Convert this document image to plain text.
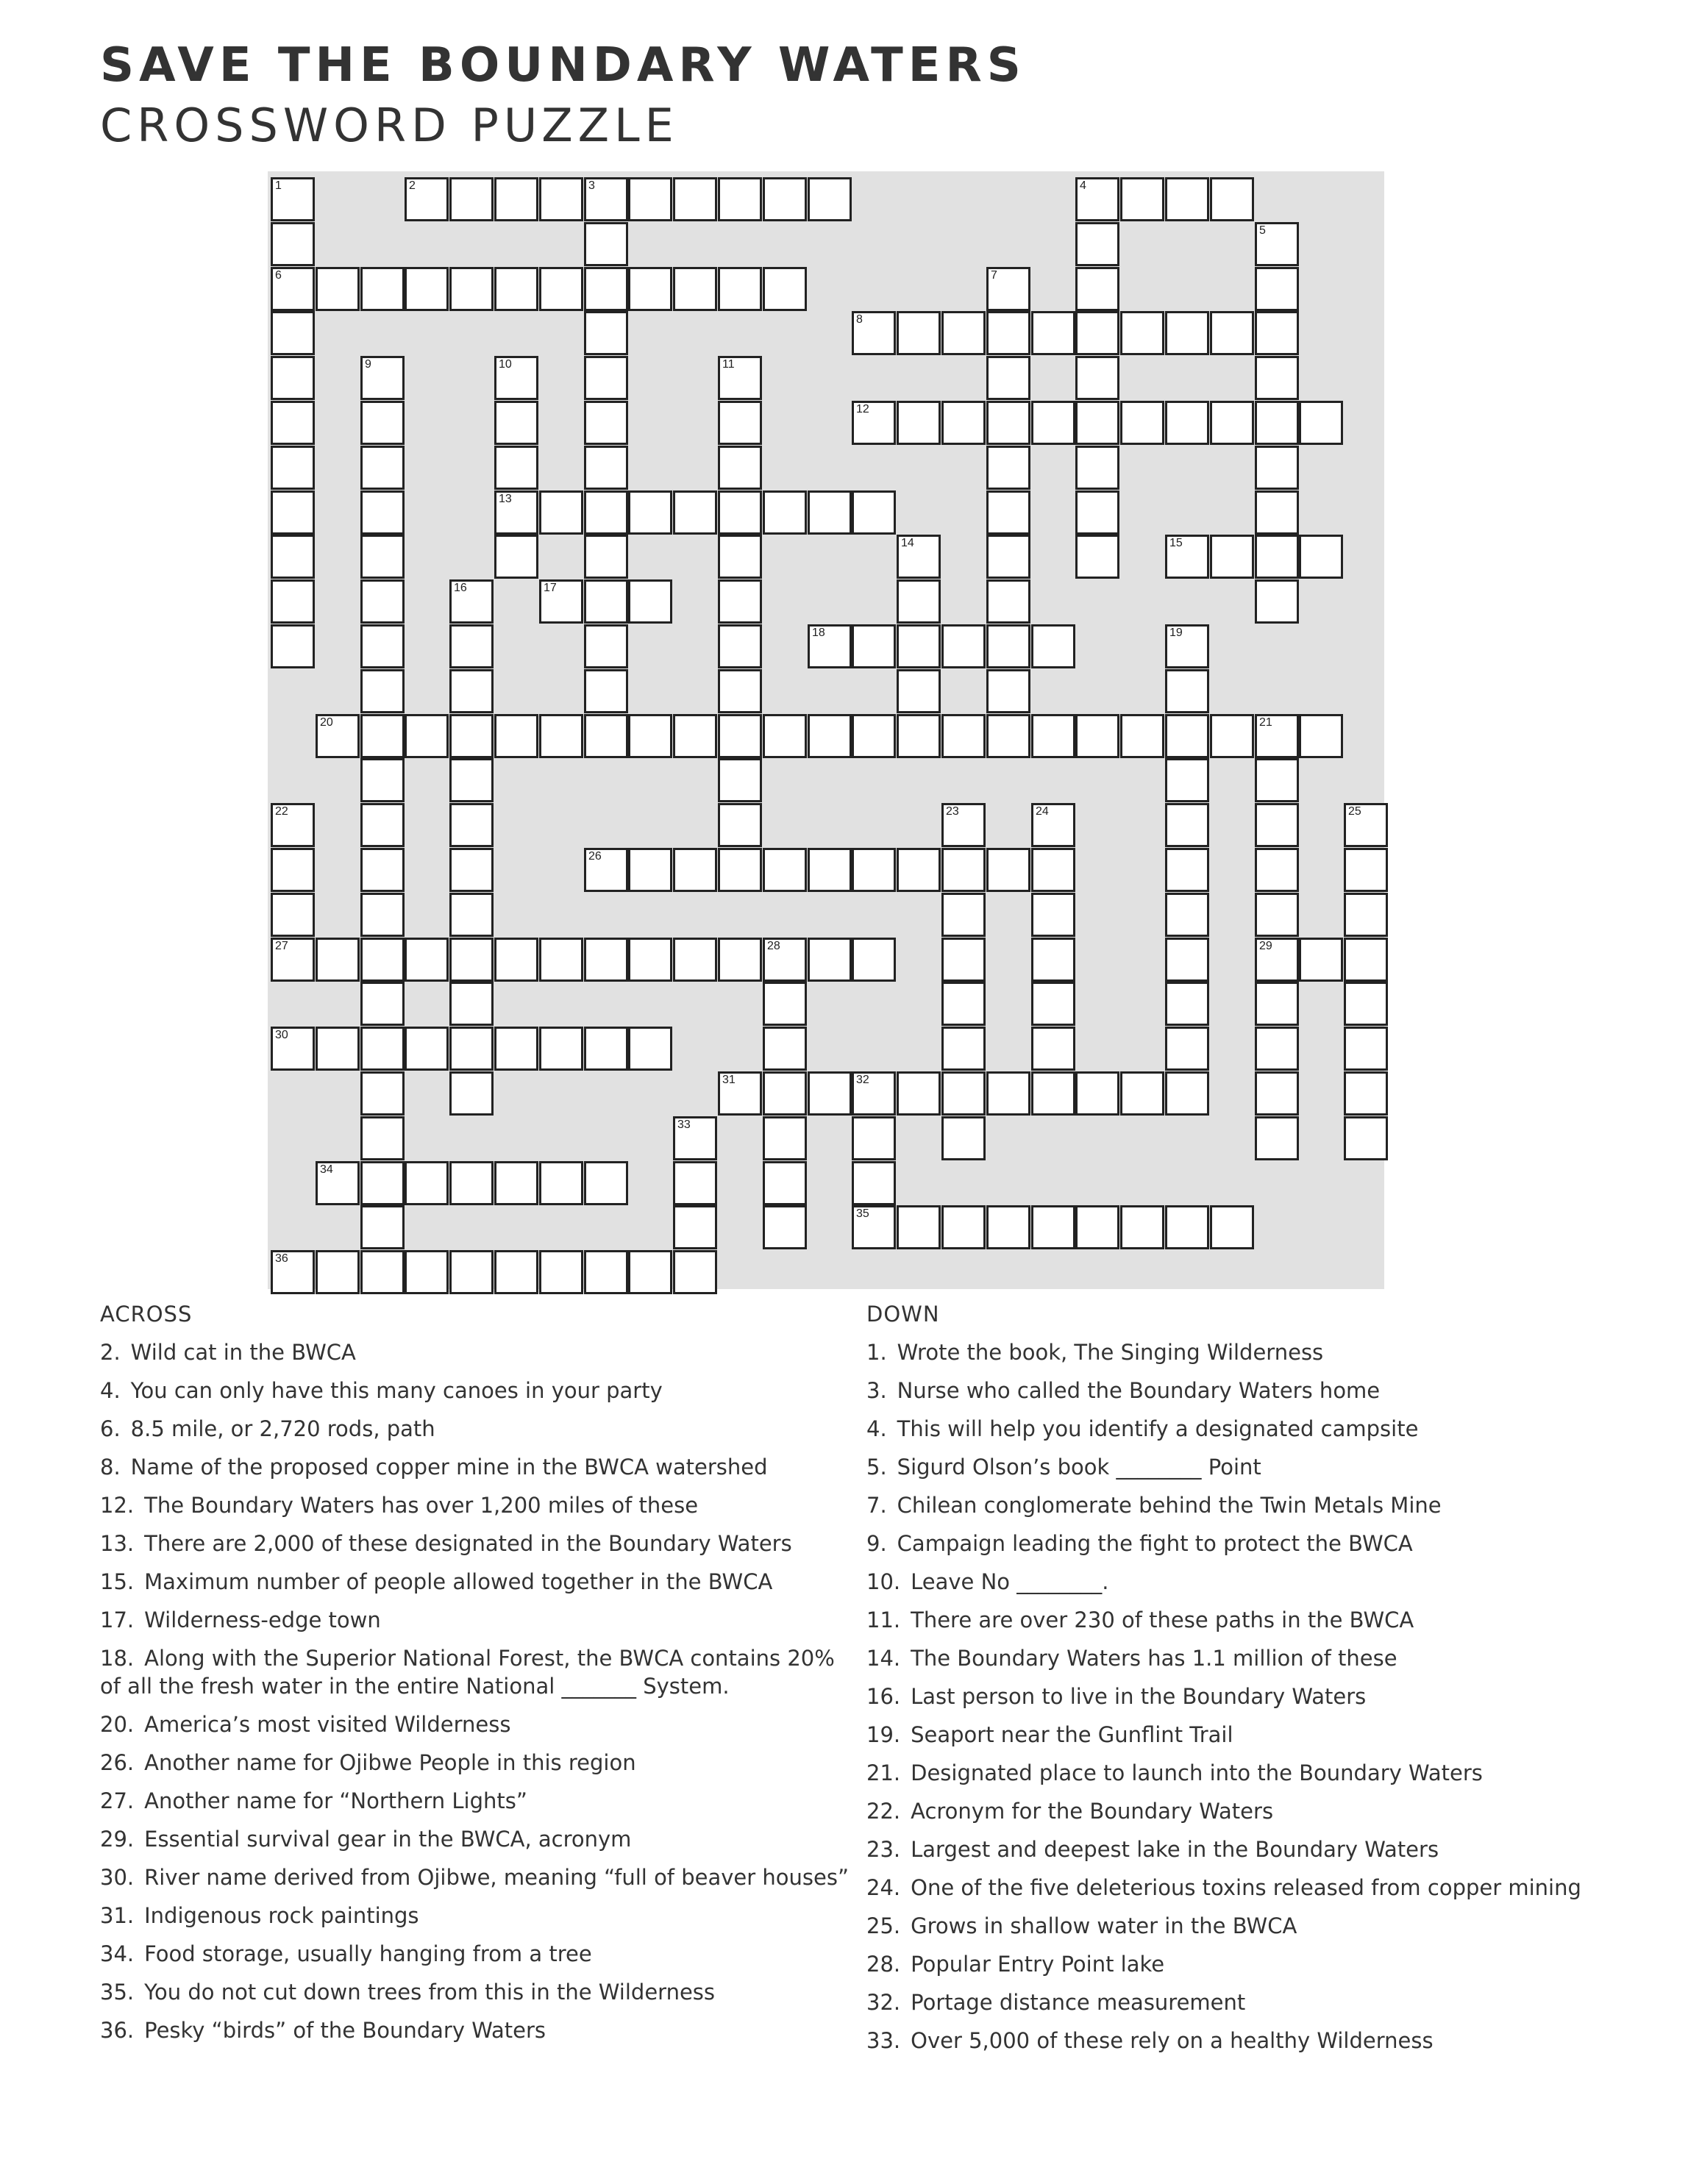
SAVE THE BOUNDARY WATERS
CROSSWORD PUZZLE
1
6
2	3	4
5
7
8
9	10
13
11
12
14	15
16	17
18	19
20	21
29
22
27
23	24	25
26
28
30
31	32
35
33
34
36
ACROSS
2. Wild cat in the BWCA
4. You can only have this many canoes in your party
6. 8.5 mile, or 2,720 rods, path
8. Name of the proposed copper mine in the BWCA watershed
12. The Boundary Waters has over 1,200 miles of these
13. There are 2,000 of these designated in the Boundary Waters
15. Maximum number of people allowed together in the BWCA
17. Wilderness-edge town
18. Along with the Superior National Forest, the BWCA contains 20% of all the fresh water in the entire National _______ System.
20. America’s most visited Wilderness
26. Another name for Ojibwe People in this region
27. Another name for “Northern Lights”
29. Essential survival gear in the BWCA, acronym
30. River name derived from Ojibwe, meaning “full of beaver houses”
31. Indigenous rock paintings
34. Food storage, usually hanging from a tree
35. You do not cut down trees from this in the Wilderness
36. Pesky “birds” of the Boundary Waters
DOWN
1. Wrote the book, The Singing Wilderness
3. Nurse who called the Boundary Waters home
4. This will help you identify a designated campsite
5. Sigurd Olson’s book ________ Point
7. Chilean conglomerate behind the Twin Metals Mine
9. Campaign leading the fight to protect the BWCA
10. Leave No ________.
11. There are over 230 of these paths in the BWCA
14. The Boundary Waters has 1.1 million of these
16. Last person to live in the Boundary Waters
19. Seaport near the Gunflint Trail
21. Designated place to launch into the Boundary Waters
22. Acronym for the Boundary Waters
23. Largest and deepest lake in the Boundary Waters
24. One of the five deleterious toxins released from copper mining
25. Grows in shallow water in the BWCA
28. Popular Entry Point lake
32. Portage distance measurement
33. Over 5,000 of these rely on a healthy Wilderness
